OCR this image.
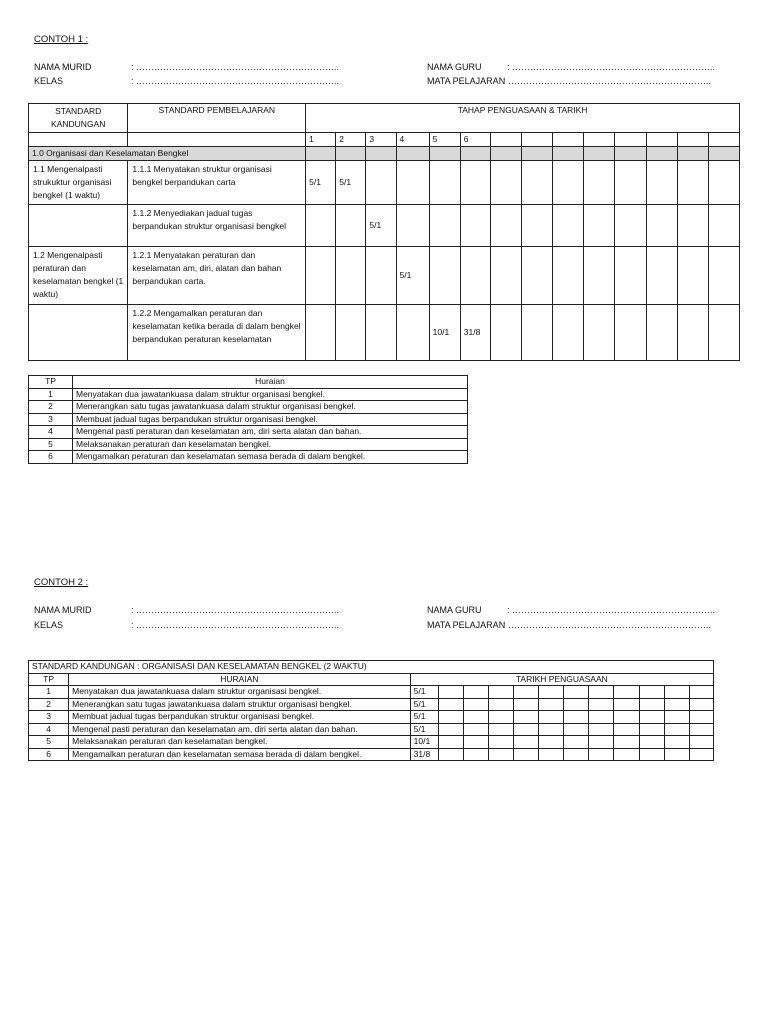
CONTOH 1 :
NAMA MURID	: …………………………………………………………..
KELAS	: …………………………………………………………..
NAMA GURU	: …………………………………………………………..
MATA PELAJARAN
: …………………………………………………………..
STANDARD KANDUNGAN	STANDARD PEMBELAJARAN	TAHAP PENGUASAAN & TARIKH													
		1	2	3	4	5	6								
1.0 Organisasi dan Keselamatan Bengkel															
1.1 Mengenalpasti strukuktur organisasi bengkel (1 waktu)	1.1.1 Menyatakan struktur organisasi bengkel berpandukan carta	5/1	5/1												
	1.1.2 Menyediakan jadual tugas berpandukan struktur organisasi bengkel			5/1											
1.2 Mengenalpasti peraturan dan keselamatan bengkel (1 waktu)	1.2.1 Menyatakan peraturan dan keselamatan am, diri, alatan dan bahan berpandukan carta.				5/1										
	1.2.2 Mengamalkan peraturan dan keselamatan ketika berada di dalam bengkel berpandukan peraturan keselamatan					10/1	31/8								
TP	Huraian
1	Menyatakan dua jawatankuasa dalam struktur organisasi bengkel.
2	Menerangkan satu tugas jawatankuasa dalam struktur organisasi bengkel.
3	Membuat jadual tugas berpandukan struktur organisasi bengkel.
4	Mengenal pasti peraturan dan keselamatan am, diri serta alatan dan bahan.
5	Melaksanakan peraturan dan keselamatan bengkel.
6	Mengamalkan peraturan dan keselamatan semasa berada di dalam bengkel.
CONTOH 2 :
NAMA MURID	: …………………………………………………………..
KELAS	: …………………………………………………………..
NAMA GURU	: …………………………………………………………..
MATA PELAJARAN
: …………………………………………………………..
STANDARD KANDUNGAN : ORGANISASI DAN KESELAMATAN BENGKEL (2 WAKTU)													
TP	HURAIAN	TARIKH PENGUASAAN											
1	Menyatakan dua jawatankuasa dalam struktur organisasi bengkel.	5/1											
2	Menerangkan satu tugas jawatankuasa dalam struktur organisasi bengkel.	5/1											
3	Membuat jadual tugas berpandukan struktur organisasi bengkel.	5/1											
4	Mengenal pasti peraturan dan keselamatan am, diri serta alatan dan bahan.	5/1											
5	Melaksanakan peraturan dan keselamatan bengkel.	10/1											
6	Mengamalkan peraturan dan keselamatan semasa berada di dalam bengkel.	31/8											
